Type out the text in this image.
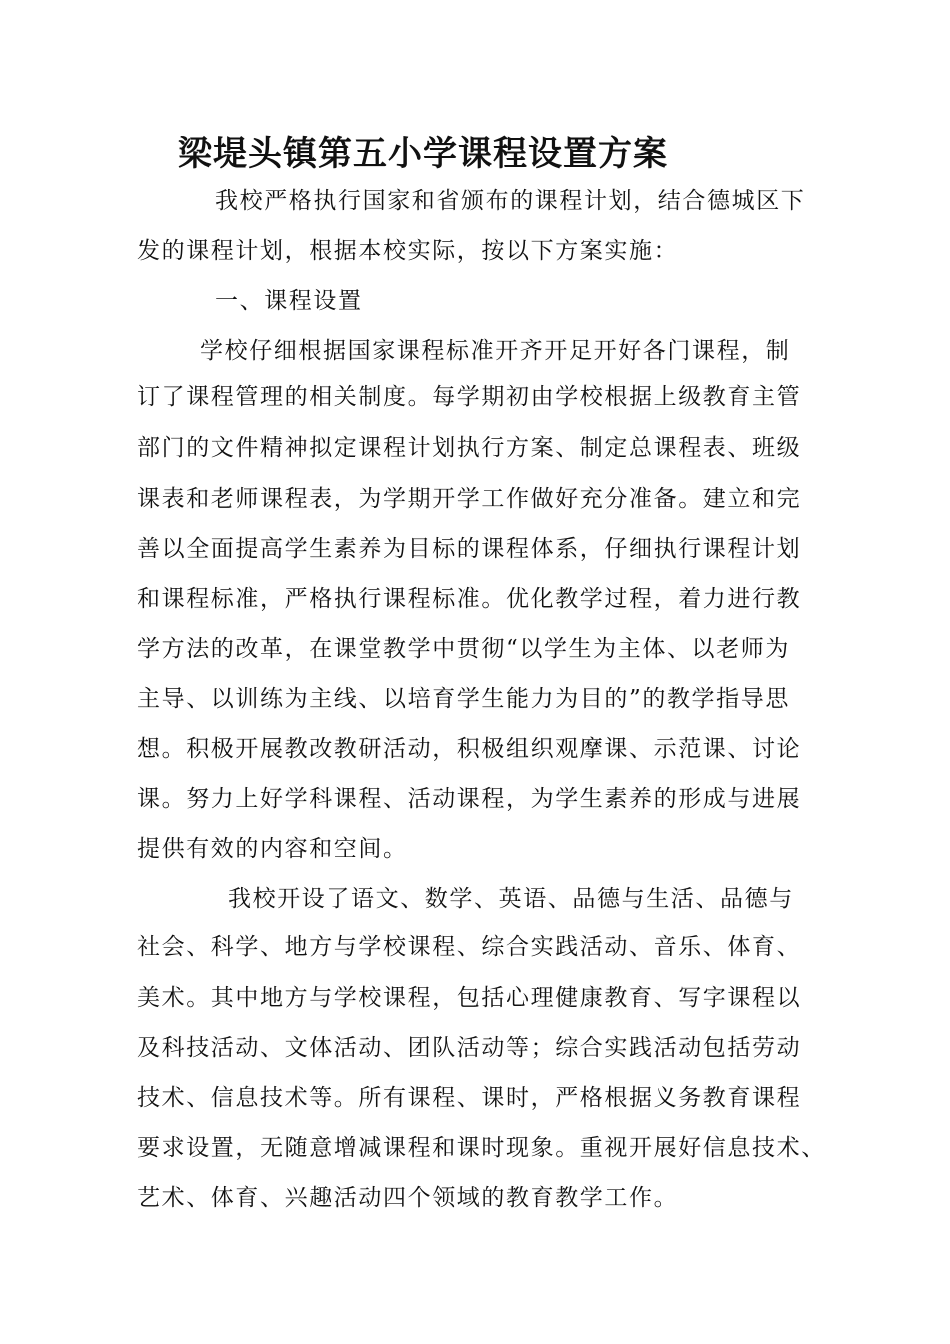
梁堤头镇第五小学课程设置方案
我校严格执行国家和省颁布的课程计划，结合德城区下
发的课程计划，根据本校实际，按以下方案实施：
一、课程设置
学校仔细根据国家课程标准开齐开足开好各门课程，制
订了课程管理的相关制度。每学期初由学校根据上级教育主管
部门的文件精神拟定课程计划执行方案、制定总课程表、班级
课表和老师课程表，为学期开学工作做好充分准备。建立和完
善以全面提高学生素养为目标的课程体系，仔细执行课程计划
和课程标准，严格执行课程标准。优化教学过程，着力进行教
学方法的改革，在课堂教学中贯彻“以学生为主体、以老师为
主导、以训练为主线、以培育学生能力为目的”的教学指导思
想。积极开展教改教研活动，积极组织观摩课、示范课、讨论
课。努力上好学科课程、活动课程，为学生素养的形成与进展
提供有效的内容和空间。
我校开设了语文、数学、英语、品德与生活、品德与
社会、科学、地方与学校课程、综合实践活动、音乐、体育、
美术。其中地方与学校课程，包括心理健康教育、写字课程以
及科技活动、文体活动、团队活动等；综合实践活动包括劳动
技术、信息技术等。所有课程、课时，严格根据义务教育课程
要求设置，无随意增减课程和课时现象。重视开展好信息技术、
艺术、体育、兴趣活动四个领域的教育教学工作。
